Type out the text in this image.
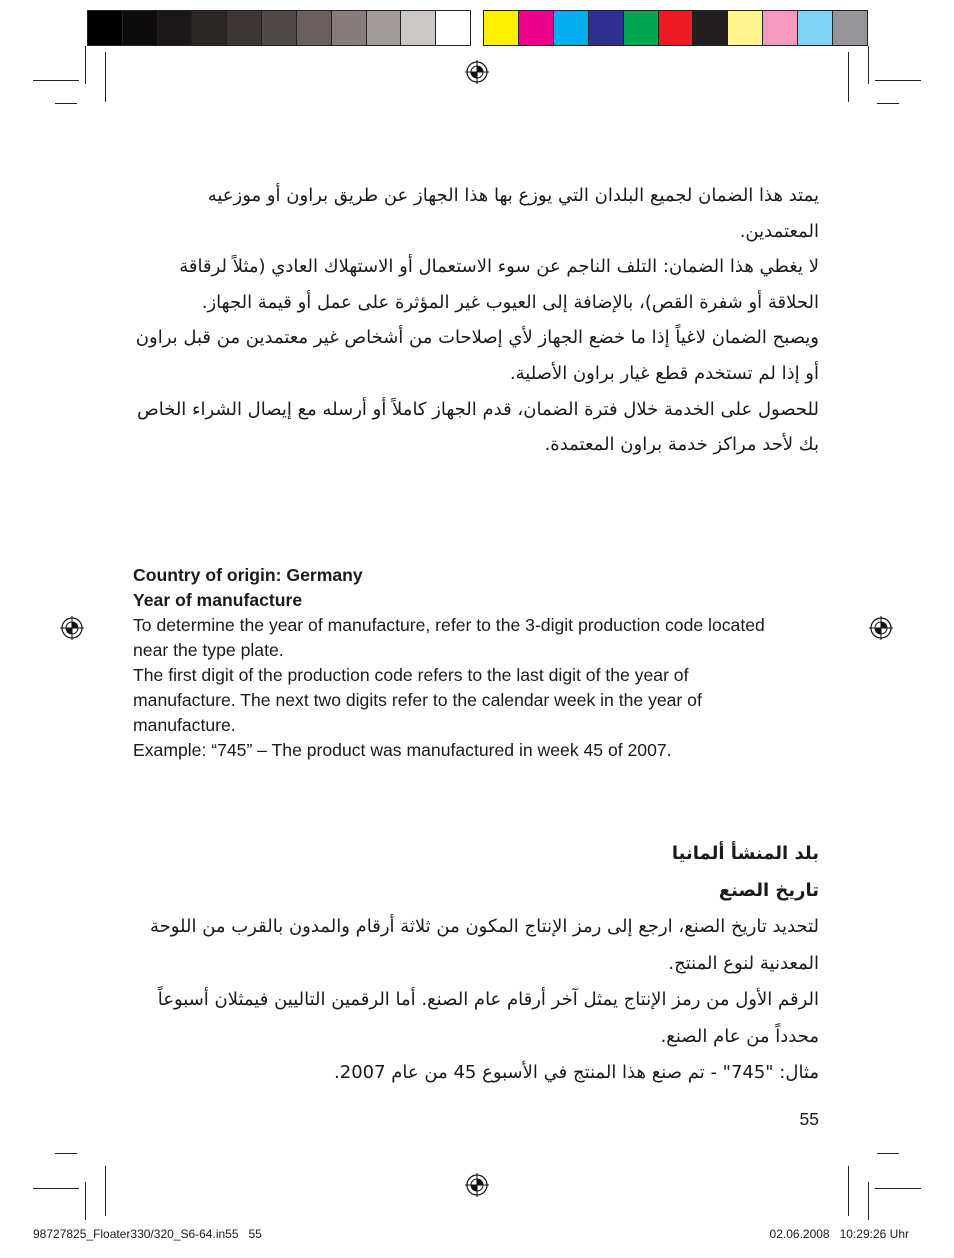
يمتد هذا الضمان لجميع البلدان التي يوزع بها هذا الجهاز عن طريق براون أو موزعيه المعتمدين.

لا يغطي هذا الضمان: التلف الناجم عن سوء الاستعمال أو الاستهلاك العادي (مثلاً لرقاقة الحلاقة أو شفرة القص)، بالإضافة إلى العيوب غير المؤثرة على عمل أو قيمة الجهاز.

ويصبح الضمان لاغياً إذا ما خضع الجهاز لأي إصلاحات من أشخاص غير معتمدين من قبل براون أو إذا لم تستخدم قطع غيار براون الأصلية.

للحصول على الخدمة خلال فترة الضمان، قدم الجهاز كاملاً أو أرسله مع إيصال الشراء الخاص بك لأحد مراكز خدمة براون المعتمدة.

Country of origin: Germany

Year of manufacture

To determine the year of manufacture, refer to the 3-digit production code located near the type plate.

The first digit of the production code refers to the last digit of the year of manufacture. The next two digits refer to the calendar week in the year of manufacture.

Example: “745” – The product was manufactured in week 45 of 2007.

بلد المنشأ ألمانيا

تاريخ الصنع

لتحديد تاريخ الصنع، ارجع إلى رمز الإنتاج المكون من ثلاثة أرقام والمدون بالقرب من اللوحة المعدنية لنوع المنتج.

الرقم الأول من رمز الإنتاج يمثل آخر أرقام عام الصنع. أما الرقمين التاليين فيمثلان أسبوعاً محدداً من عام الصنع.

مثال: "745" - تم صنع هذا المنتج في الأسبوع 45 من عام 2007.

55
98727825_Floater330/320_S6-64.in55   55	02.06.2008   10:29:26 Uhr
